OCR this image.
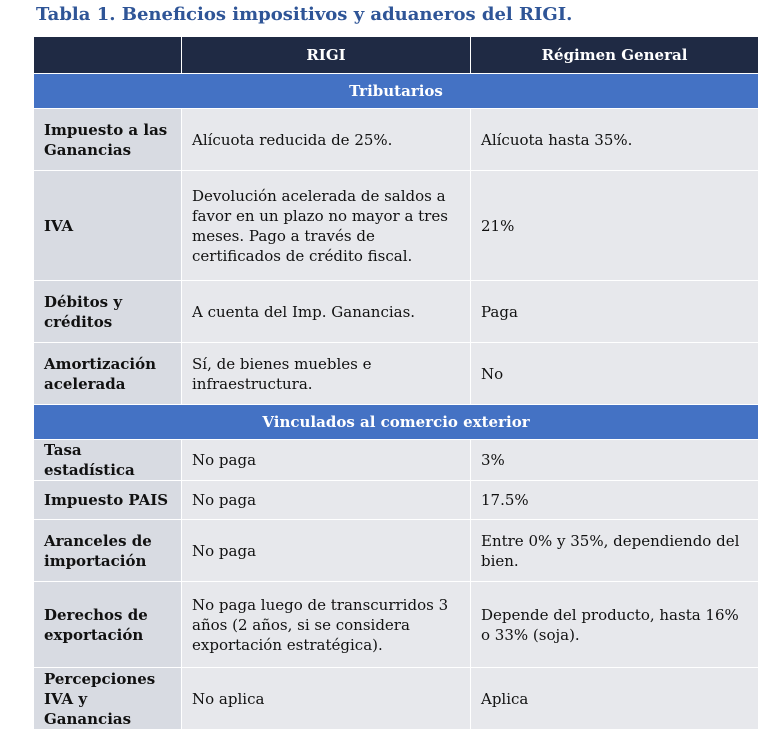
Tabla 1. Beneficios impositivos y aduaneros del RIGI.
	RIGI	Régimen General
Tributarios		
Impuesto a las Ganancias	Alícuota reducida de 25%.	Alícuota hasta 35%.
IVA	Devolución acelerada de saldos a favor en un plazo no mayor a tres meses. Pago a través de certificados de crédito fiscal.	21%
Débitos y créditos	A cuenta del Imp. Ganancias.	Paga
Amortización acelerada	Sí, de bienes muebles e infraestructura.	No
Vinculados al comercio exterior		
Tasa estadística	No paga	3%
Impuesto PAIS	No paga	17.5%
Aranceles de importación	No paga	Entre 0% y 35%, dependiendo del bien.
Derechos de exportación	No paga luego de transcurridos 3 años (2 años, si se considera exportación estratégica).	Depende del producto, hasta 16% o 33% (soja).
Percepciones IVA y Ganancias	No aplica	Aplica
